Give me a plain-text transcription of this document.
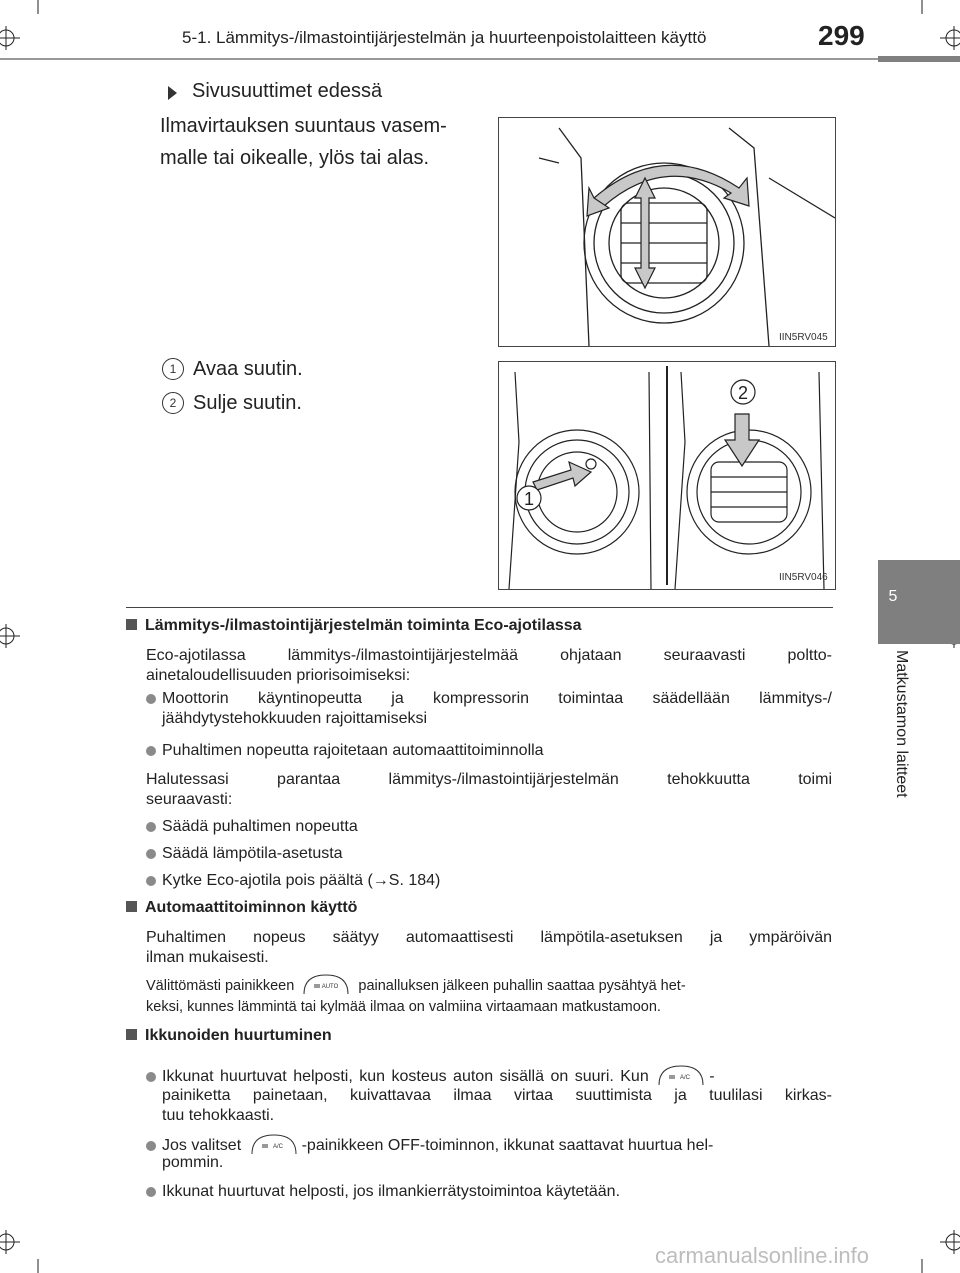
5-1. Lämmitys-/ilmastointijärjestelmän ja huurteenpoistolaitteen käyttö	299
5
Matkustamon laitteet
Sivusuuttimet edessä
Ilmavirtauksen suuntaus vasem-
malle tai oikealle, ylös tai alas.
IIN5RV045
1 Avaa suutin.
2 Sulje suutin.
1
2
IIN5RV046
Lämmitys-/ilmastointijärjestelmän toiminta Eco-ajotilassa
Eco-ajotilassa lämmitys-/ilmastointijärjestelmää ohjataan seuraavasti poltto-
ainetaloudellisuuden priorisoimiseksi:
Moottorin käyntinopeutta ja kompressorin toimintaa säädellään lämmitys-/
jäähdytystehokkuuden rajoittamiseksi
Puhaltimen nopeutta rajoitetaan automaattitoiminnolla
Halutessasi parantaa lämmitys-/ilmastointijärjestelmän tehokkuutta toimi
seuraavasti:
Säädä puhaltimen nopeutta
Säädä lämpötila-asetusta
Kytke Eco-ajotila pois päältä (→S. 184)
Automaattitoiminnon käyttö
Puhaltimen nopeus säätyy automaattisesti lämpötila-asetuksen ja ympäröivän
ilman mukaisesti.
Välittömästi painikkeen	AUTO painalluksen jälkeen puhallin saattaa pysähtyä het-
keksi, kunnes lämmintä tai kylmää ilmaa on valmiina virtaamaan matkustamoon.
Ikkunoiden huurtuminen
Ikkunat huurtuvat helposti, kun kosteus auton sisällä on suuri. Kun	A/C -
painiketta painetaan, kuivattavaa ilmaa virtaa suuttimista ja tuulilasi kirkas-
tuu tehokkaasti.
Jos valitset	A/C -painikkeen OFF-toiminnon, ikkunat saattavat huurtua hel-
pommin.
Ikkunat huurtuvat helposti, jos ilmankierrätystoimintoa käytetään.
carmanualsonline.info
